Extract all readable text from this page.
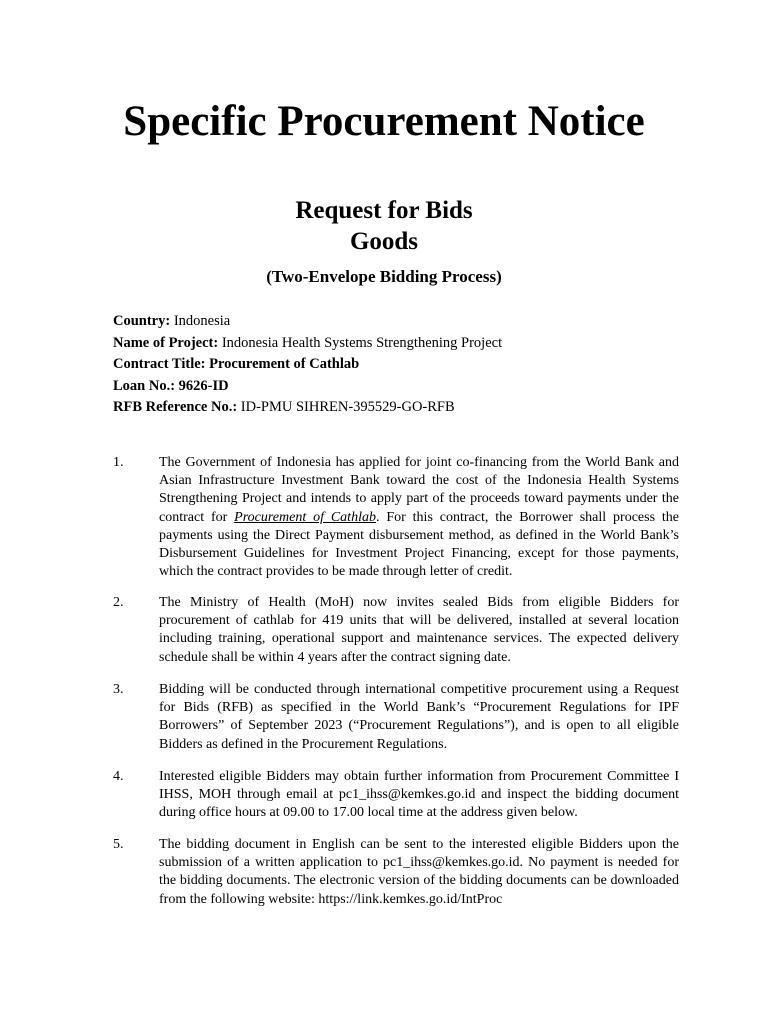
Specific Procurement Notice
Request for Bids
Goods
(Two-Envelope Bidding Process)
Country: Indonesia
Name of Project: Indonesia Health Systems Strengthening Project
Contract Title: Procurement of Cathlab
Loan No.: 9626-ID
RFB Reference No.: ID-PMU SIHREN-395529-GO-RFB
1.	The Government of Indonesia has applied for joint co-financing from the World Bank and Asian Infrastructure Investment Bank toward the cost of the Indonesia Health Systems Strengthening Project and intends to apply part of the proceeds toward payments under the contract for Procurement of Cathlab. For this contract, the Borrower shall process the payments using the Direct Payment disbursement method, as defined in the World Bank’s Disbursement Guidelines for Investment Project Financing, except for those payments, which the contract provides to be made through letter of credit.
2.	The Ministry of Health (MoH) now invites sealed Bids from eligible Bidders for procurement of cathlab for 419 units that will be delivered, installed at several location including training, operational support and maintenance services. The expected delivery schedule shall be within 4 years after the contract signing date.
3.	Bidding will be conducted through international competitive procurement using a Request for Bids (RFB) as specified in the World Bank’s “Procurement Regulations for IPF Borrowers” of September 2023 (“Procurement Regulations”), and is open to all eligible Bidders as defined in the Procurement Regulations.
4.	Interested eligible Bidders may obtain further information from Procurement Committee I IHSS, MOH through email at pc1_ihss@kemkes.go.id and inspect the bidding document during office hours at 09.00 to 17.00 local time at the address given below.
5.	The bidding document in English can be sent to the interested eligible Bidders upon the submission of a written application to pc1_ihss@kemkes.go.id. No payment is needed for the bidding documents. The electronic version of the bidding documents can be downloaded from the following website: https://link.kemkes.go.id/IntProc
